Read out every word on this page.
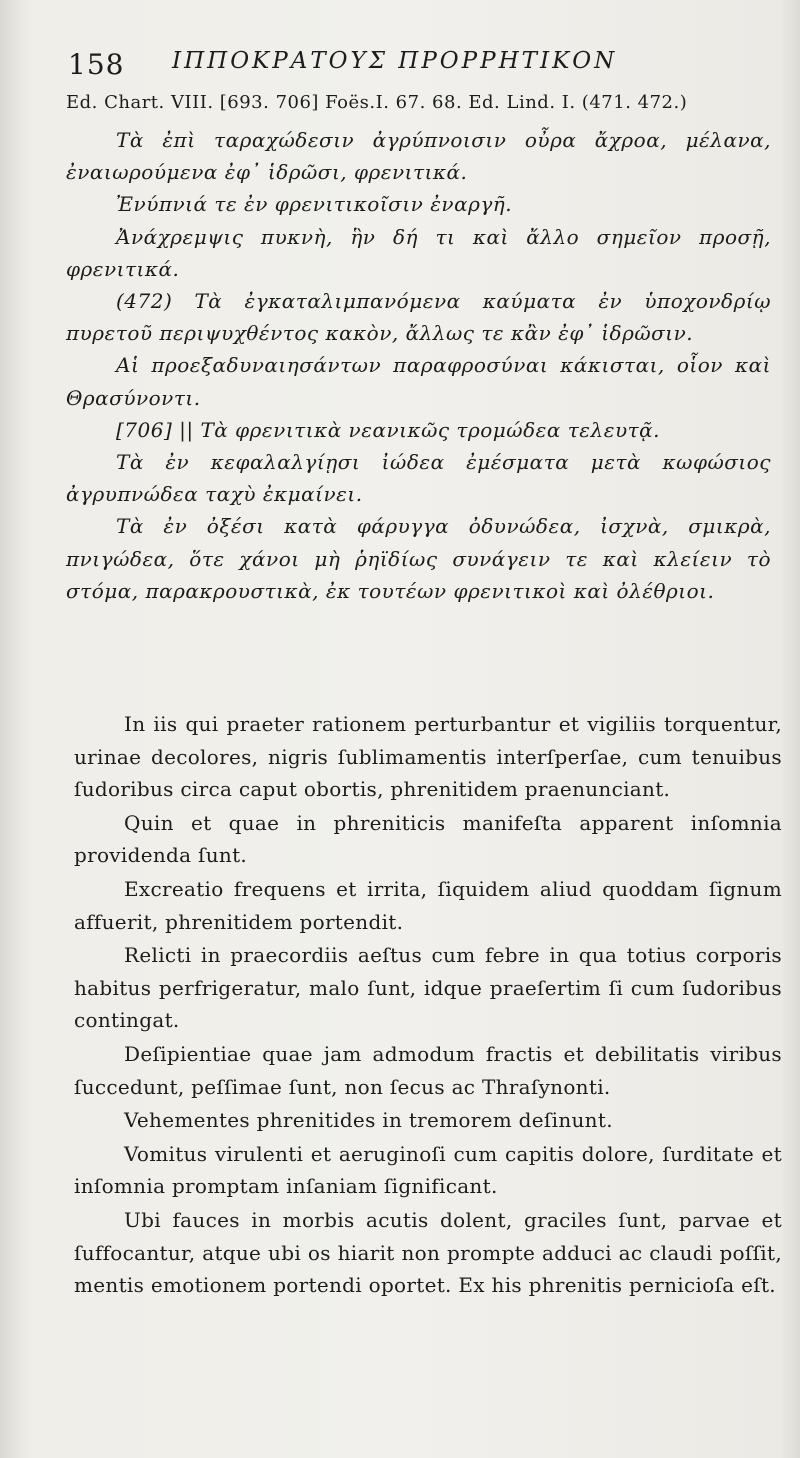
158 ΙΠΠΟΚΡΑΤΟΥΣ ΠΡΟΡΡΗΤΙΚΟΝ
Ed. Chart. VIII. [693. 706] Foës.I. 67. 68. Ed. Lind. I. (471. 472.)

Τὰ ἐπὶ ταραχώδεσιν ἀγρύπνοισιν οὖρα ἄχροα, μέλανα, ἐναιωρούμενα ἐφ᾽ ἱδρῶσι, φρενιτικά.

Ἐνύπνιά τε ἐν φρενιτικοῖσιν ἐναργῆ.

Ἀνάχρεμψις πυκνὴ, ἣν δή τι καὶ ἄλλο σημεῖον προσῇ, φρενιτικά.

(472) Τὰ ἐγκαταλιμπανόμενα καύματα ἐν ὑποχονδρίῳ πυρετοῦ περιψυχθέντος κακὸν, ἄλλως τε κἂν ἐφ᾽ ἱδρῶσιν.

Αἱ προεξαδυναιησάντων παραφροσύναι κάκισται, οἷον καὶ Θρασύνοντι.

[706] || Τὰ φρενιτικὰ νεανικῶς τρομώδεα τελευτᾷ.

Τὰ ἐν κεφαλαλγίῃσι ἰώδεα ἐμέσματα μετὰ κωφώσιος ἀγρυπνώδεα ταχὺ ἐκμαίνει.

Τὰ ἐν ὀξέσι κατὰ φάρυγγα ὀδυνώδεα, ἰσχνὰ, σμικρὰ, πνιγώδεα, ὅτε χάνοι μὴ ῥηϊδίως συνάγειν τε καὶ κλείειν τὸ στόμα, παρακρουστικὰ, ἐκ τουτέων φρενιτικοὶ καὶ ὀλέθριοι.

In iis qui praeter rationem perturbantur et vigiliis torquentur, urinae decolores, nigris ſublimamentis interſperſae, cum tenuibus ſudoribus circa caput obortis, phrenitidem praenunciant.

Quin et quae in phreniticis manifeſta apparent inſomnia providenda ſunt.

Excreatio frequens et irrita, ſiquidem aliud quoddam ſignum affuerit, phrenitidem portendit.

Relicti in praecordiis aeſtus cum febre in qua totius corporis habitus perfrigeratur, malo ſunt, idque praeſertim ſi cum ſudoribus contingat.

Deſipientiae quae jam admodum fractis et debilitatis viribus ſuccedunt, peſſimae ſunt, non ſecus ac Thraſynonti.

Vehementes phrenitides in tremorem deſinunt.

Vomitus virulenti et aeruginoſi cum capitis dolore, ſurditate et inſomnia promptam inſaniam ſignificant.

Ubi fauces in morbis acutis dolent, graciles ſunt, parvae et ſuffocantur, atque ubi os hiarit non prompte adduci ac claudi poſſit, mentis emotionem portendi oportet. Ex his phrenitis pernicioſa eſt.
